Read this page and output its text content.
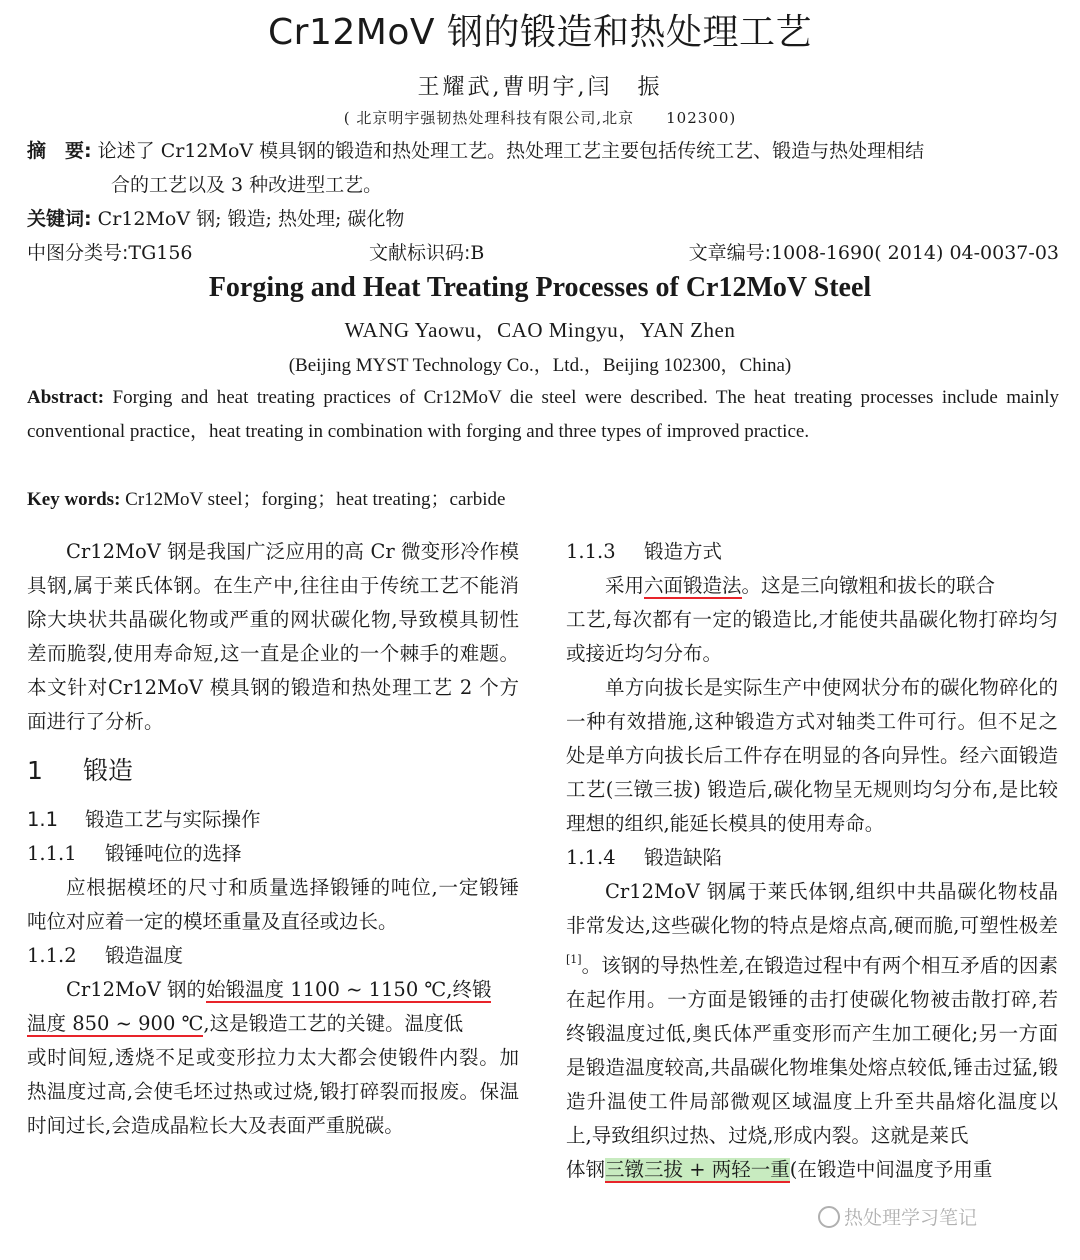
Cr12MoV 钢的锻造和热处理工艺
王耀武,曹明宇,闫　振
( 北京明宇强韧热处理科技有限公司,北京　　102300)
摘　要: 论述了 Cr12MoV 模具钢的锻造和热处理工艺。热处理工艺主要包括传统工艺、锻造与热处理相结
合的工艺以及 3 种改进型工艺。
关键词: Cr12MoV 钢; 锻造; 热处理; 碳化物
中图分类号:TG156	文献标识码:B	文章编号:1008-1690( 2014) 04-0037-03
Forging and Heat Treating Processes of Cr12MoV Steel
WANG Yaowu，CAO Mingyu，YAN Zhen
(Beijing MYST Technology Co.，Ltd.，Beijing 102300，China)
Abstract: Forging and heat treating practices of Cr12MoV die steel were described. The heat treating processes include mainly conventional practice，heat treating in combination with forging and three types of improved practice.
Key words: Cr12MoV steel；forging；heat treating；carbide

Cr12MoV 钢是我国广泛应用的高 Cr 微变形冷作模具钢,属于莱氏体钢。在生产中,往往由于传统工艺不能消除大块状共晶碳化物或严重的网状碳化物,导致模具韧性差而脆裂,使用寿命短,这一直是企业的一个棘手的难题。本文针对Cr12MoV 模具钢的锻造和热处理工艺 2 个方面进行了分析。

1 锻造
1.1 锻造工艺与实际操作
1.1.1 锻锤吨位的选择

应根据模坯的尺寸和质量选择锻锤的吨位,一定锻锤吨位对应着一定的模坯重量及直径或边长。

1.1.2 锻造温度

Cr12MoV 钢的始锻温度 1100 ~ 1150 ℃,终锻

温度 850 ~ 900 ℃,这是锻造工艺的关键。温度低

或时间短,透烧不足或变形拉力太大都会使锻件内裂。加热温度过高,会使毛坯过热或过烧,锻打碎裂而报废。保温时间过长,会造成晶粒长大及表面严重脱碳。

1.1.3 锻造方式

采用六面锻造法。这是三向镦粗和拔长的联合

工艺,每次都有一定的锻造比,才能使共晶碳化物打碎均匀或接近均匀分布。

单方向拔长是实际生产中使网状分布的碳化物碎化的一种有效措施,这种锻造方式对轴类工件可行。但不足之处是单方向拔长后工件存在明显的各向异性。经六面锻造工艺(三镦三拔) 锻造后,碳化物呈无规则均匀分布,是比较理想的组织,能延长模具的使用寿命。

1.1.4 锻造缺陷

Cr12MoV 钢属于莱氏体钢,组织中共晶碳化物枝晶非常发达,这些碳化物的特点是熔点高,硬而脆,可塑性极差[1]。该钢的导热性差,在锻造过程中有两个相互矛盾的因素在起作用。一方面是锻锤的击打使碳化物被击散打碎,若终锻温度过低,奥氏体严重变形而产生加工硬化;另一方面是锻造温度较高,共晶碳化物堆集处熔点较低,锤击过猛,锻造升温使工件局部微观区域温度上升至共晶熔化温度以上,导致组织过热、过烧,形成内裂。这就是莱氏

体钢三镦三拔 + 两轻一重(在锻造中间温度予用重

热处理学习笔记
